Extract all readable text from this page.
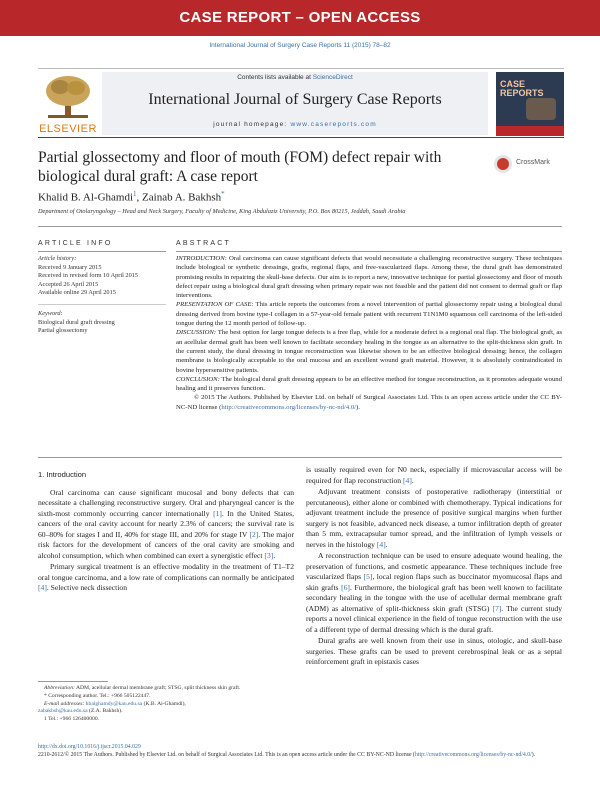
CASE REPORT – OPEN ACCESS
International Journal of Surgery Case Reports 11 (2015) 78–82
ELSEVIER
Contents lists available at ScienceDirect
International Journal of Surgery Case Reports
journal homepage: www.casereports.com
CASE REPORTS
Partial glossectomy and floor of mouth (FOM) defect repair with biological dural graft: A case report
CrossMark
Khalid B. Al-Ghamdi$^1$, Zainab A. Bakhsh*
Department of Otolaryngology – Head and Neck Surgery, Faculty of Medicine, King Abdulaziz University, P.O. Box 80215, Jeddah, Saudi Arabia
ARTICLE INFO	ABSTRACT
Article history:
Received 9 January 2015
Received in revised form 10 April 2015
Accepted 26 April 2015
Available online 29 April 2015
Keyword:
Biological dural graft dressing
Partial glossectomy

INTRODUCTION: Oral carcinoma can cause significant defects that would necessitate a challenging reconstructive surgery. These techniques include biological or synthetic dressings, grafts, regional flaps, and free-vascularized flaps. Among these, the dural graft has demonstrated promising results in repairing the skull-base defects. Our aim is to report a new, innovative technique for partial glossectomy and floor of mouth defect repair using a biological dural graft dressing when primary repair was not feasible and the patient did not consent to dermal graft or flap interventions.

PRESENTATION OF CASE: This article reports the outcomes from a novel intervention of partial glossectomy repair using a biological dural dressing derived from bovine type-I collagen in a 57-year-old female patient with recurrent T1N1M0 squamous cell carcinoma of the left-sided tongue during the 12 month period of follow-up.

DISCUSSION: The best option for large tongue defects is a free flap, while for a moderate defect is a regional oral flap. The biological graft, as an acellular dermal graft has been well known to facilitate secondary healing in the tongue as an alternative to the split-thickness skin graft. In the current study, the dural dressing in tongue reconstruction was likewise shown to be an effective biological dressing; hence, the collagen membrane is biologically acceptable to the oral mucosa and an excellent wound graft material. However, it is absolutely contraindicated in bovine hypersensitive patients.

CONCLUSION: The biological dural graft dressing appears to be an effective method for tongue reconstruction, as it promotes adequate wound healing and it preserves function.

© 2015 The Authors. Published by Elsevier Ltd. on behalf of Surgical Associates Ltd. This is an open access article under the CC BY-NC-ND license (http://creativecommons.org/licenses/by-nc-nd/4.0/).

1. Introduction

Oral carcinoma can cause significant mucosal and bony defects that can necessitate a challenging reconstructive surgery. Oral and pharyngeal cancer is the sixth-most commonly occurring cancer internationally [1]. In the United States, cancers of the oral cavity account for nearly 2.3% of cancers; the survival rate is 60–80% for stages I and II, 40% for stage III, and 20% for stage IV [2]. The major risk factors for the development of cancers of the oral cavity are smoking and alcohol consumption, which when combined can exert a synergistic effect [3].

Primary surgical treatment is an effective modality in the treatment of T1–T2 oral tongue carcinoma, and a low rate of complications can normally be anticipated [4]. Selective neck dissection

is usually required even for N0 neck, especially if microvascular access will be required for flap reconstruction [4].

Adjuvant treatment consists of postoperative radiotherapy (interstitial or percutaneous), either alone or combined with chemotherapy. Typical indications for adjuvant treatment include the presence of positive surgical margins when further surgery is not feasible, advanced neck disease, a tumor infiltration depth of greater than 5 mm, extracapsular tumor spread, and the infiltration of lymph vessels or nerves in the histology [4].

A reconstruction technique can be used to ensure adequate wound healing, the preservation of functions, and cosmetic appearance. These techniques include free vascularized flaps [5], local region flaps such as buccinator myomucosal flaps and skin grafts [6]. Furthermore, the biological graft has been well known to facilitate secondary healing in the tongue with the use of acellular dermal membrane graft (ADM) as alternative of split-thickness skin graft (STSG) [7]. The current study reports a novel clinical experience in the field of tongue reconstruction with the use of a different type of dermal dressing which is the dural graft.

Dural grafts are well known from their use in sinus, otologic, and skull-base surgeries. These grafts can be used to prevent cerebrospinal leak or as a septal reinforcement graft in epistaxis cases

Abbreviation: ADM, acellular dermal membrane graft; STSG, split thickness skin graft.
* Corresponding author. Tel.: +966 505122447.
E-mail addresses: kbalghamdy@kau.edu.sa (K.B. Al-Ghamdi),
zabakhsh@kau.edu.sa (Z.A. Bakhsh).
1 Tel.: +966 126400000.
http://dx.doi.org/10.1016/j.ijscr.2015.04.029
2210-2612/© 2015 The Authors. Published by Elsevier Ltd. on behalf of Surgical Associates Ltd. This is an open access article under the CC BY-NC-ND license (http://creativecommons.org/licenses/by-nc-nd/4.0/).
